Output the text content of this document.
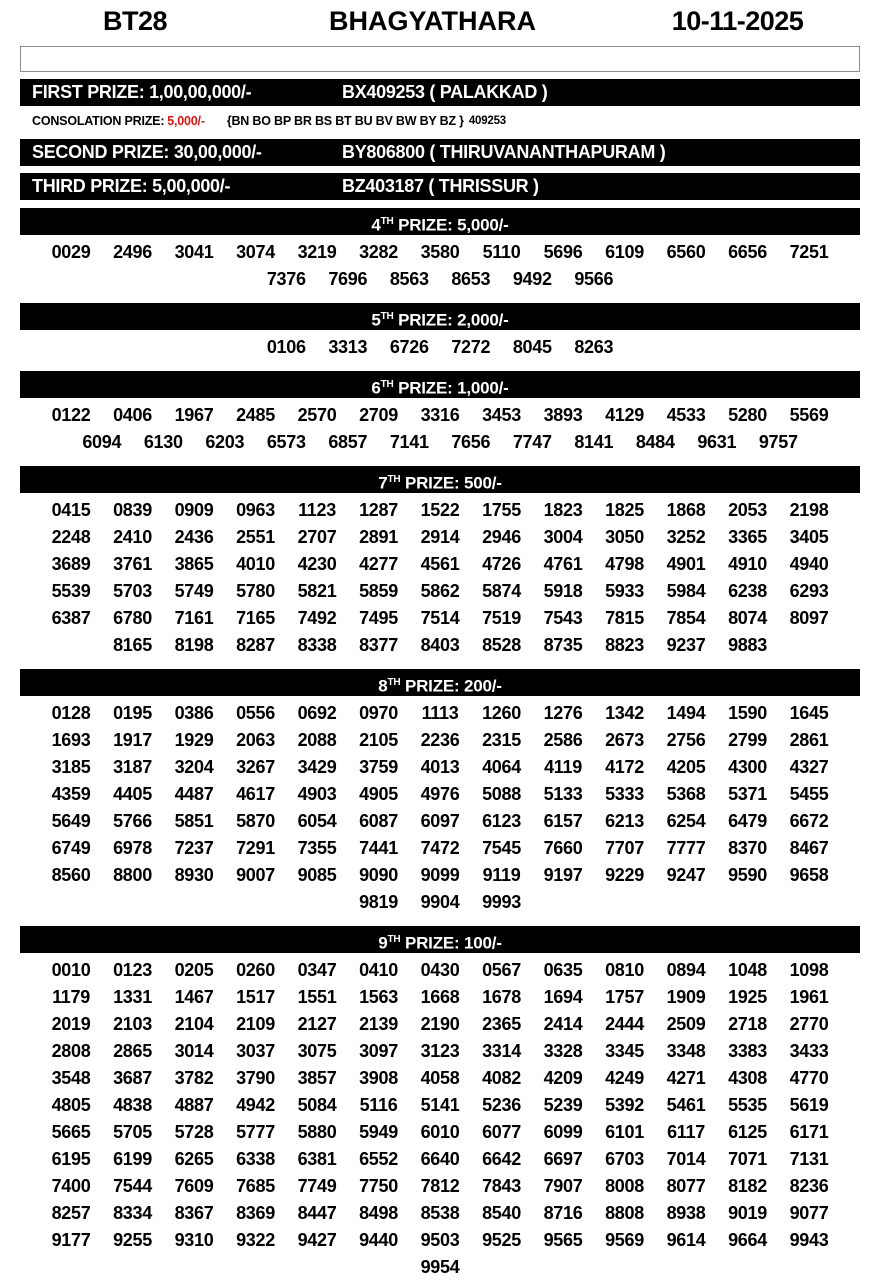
BT28	BHAGYATHARA	10-11-2025
FIRST PRIZE: 1,00,00,000/-	BX409253 ( PALAKKAD )
CONSOLATION PRIZE: 5,000/- {BN BO BP BR BS BT BU BV BW BY BZ } 409253
SECOND PRIZE: 30,00,000/-	BY806800 ( THIRUVANANTHAPURAM )
THIRD PRIZE: 5,00,000/-	BZ403187 ( THRISSUR )
4TH PRIZE: 5,000/-
0029	2496	3041	3074	3219	3282	3580	5110	5696	6109	6560	6656	7251
7376	7696	8563	8653	9492	9566
5TH PRIZE: 2,000/-
0106	3313	6726	7272	8045	8263
6TH PRIZE: 1,000/-
0122	0406	1967	2485	2570	2709	3316	3453	3893	4129	4533	5280	5569
6094	6130	6203	6573	6857	7141	7656	7747	8141	8484	9631	9757
7TH PRIZE: 500/-
0415	0839	0909	0963	1123	1287	1522	1755	1823	1825	1868	2053	2198
2248	2410	2436	2551	2707	2891	2914	2946	3004	3050	3252	3365	3405
3689	3761	3865	4010	4230	4277	4561	4726	4761	4798	4901	4910	4940
5539	5703	5749	5780	5821	5859	5862	5874	5918	5933	5984	6238	6293
6387	6780	7161	7165	7492	7495	7514	7519	7543	7815	7854	8074	8097
8165	8198	8287	8338	8377	8403	8528	8735	8823	9237	9883
8TH PRIZE: 200/-
0128	0195	0386	0556	0692	0970	1113	1260	1276	1342	1494	1590	1645
1693	1917	1929	2063	2088	2105	2236	2315	2586	2673	2756	2799	2861
3185	3187	3204	3267	3429	3759	4013	4064	4119	4172	4205	4300	4327
4359	4405	4487	4617	4903	4905	4976	5088	5133	5333	5368	5371	5455
5649	5766	5851	5870	6054	6087	6097	6123	6157	6213	6254	6479	6672
6749	6978	7237	7291	7355	7441	7472	7545	7660	7707	7777	8370	8467
8560	8800	8930	9007	9085	9090	9099	9119	9197	9229	9247	9590	9658
9819	9904	9993
9TH PRIZE: 100/-
0010	0123	0205	0260	0347	0410	0430	0567	0635	0810	0894	1048	1098
1179	1331	1467	1517	1551	1563	1668	1678	1694	1757	1909	1925	1961
2019	2103	2104	2109	2127	2139	2190	2365	2414	2444	2509	2718	2770
2808	2865	3014	3037	3075	3097	3123	3314	3328	3345	3348	3383	3433
3548	3687	3782	3790	3857	3908	4058	4082	4209	4249	4271	4308	4770
4805	4838	4887	4942	5084	5116	5141	5236	5239	5392	5461	5535	5619
5665	5705	5728	5777	5880	5949	6010	6077	6099	6101	6117	6125	6171
6195	6199	6265	6338	6381	6552	6640	6642	6697	6703	7014	7071	7131
7400	7544	7609	7685	7749	7750	7812	7843	7907	8008	8077	8182	8236
8257	8334	8367	8369	8447	8498	8538	8540	8716	8808	8938	9019	9077
9177	9255	9310	9322	9427	9440	9503	9525	9565	9569	9614	9664	9943
9954
